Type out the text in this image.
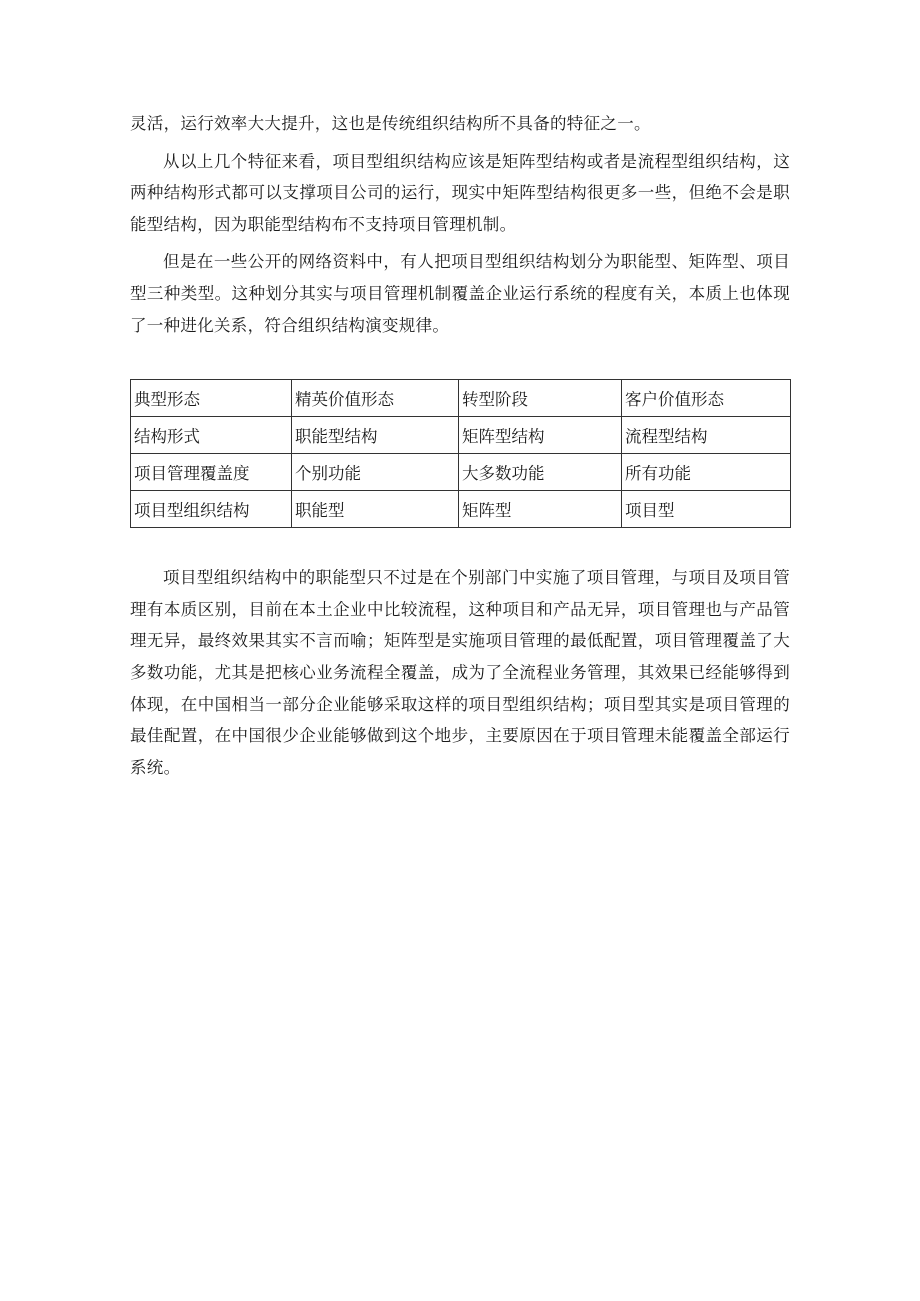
灵活，运行效率大大提升，这也是传统组织结构所不具备的特征之一。

从以上几个特征来看，项目型组织结构应该是矩阵型结构或者是流程型组织结构，这两种结构形式都可以支撑项目公司的运行，现实中矩阵型结构很更多一些，但绝不会是职能型结构，因为职能型结构布不支持项目管理机制。

但是在一些公开的网络资料中，有人把项目型组织结构划分为职能型、矩阵型、项目型三种类型。这种划分其实与项目管理机制覆盖企业运行系统的程度有关，本质上也体现了一种进化关系，符合组织结构演变规律。

典型形态	精英价值形态	转型阶段	客户价值形态
结构形式	职能型结构	矩阵型结构	流程型结构
项目管理覆盖度	个别功能	大多数功能	所有功能
项目型组织结构	职能型	矩阵型	项目型

项目型组织结构中的职能型只不过是在个别部门中实施了项目管理，与项目及项目管理有本质区别，目前在本土企业中比较流程，这种项目和产品无异，项目管理也与产品管理无异，最终效果其实不言而喻；矩阵型是实施项目管理的最低配置，项目管理覆盖了大多数功能，尤其是把核心业务流程全覆盖，成为了全流程业务管理，其效果已经能够得到体现，在中国相当一部分企业能够采取这样的项目型组织结构；项目型其实是项目管理的最佳配置，在中国很少企业能够做到这个地步，主要原因在于项目管理未能覆盖全部运行系统。
